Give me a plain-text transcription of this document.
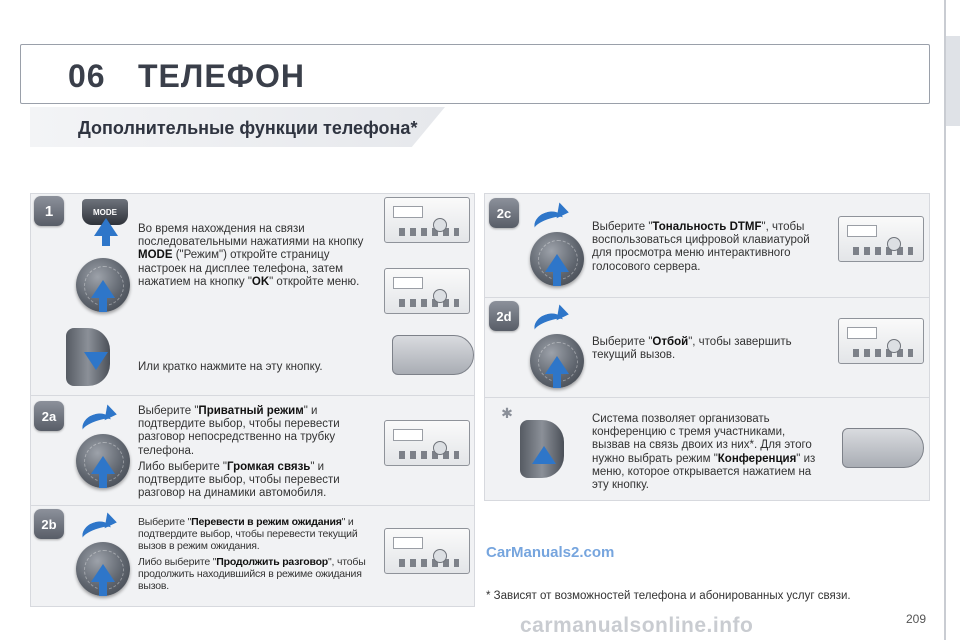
06 ТЕЛЕФОН
Дополнительные функции телефона*
1	MODE
Во время нахождения на связи последовательными нажатиями на кнопку MODE ("Режим") откройте страницу настроек на дисплее телефона, затем нажатием на кнопку "OK" откройте меню.
Или кратко нажмите на эту кнопку.
2a	Выберите "Приватный режим" и подтвердите выбор, чтобы перевести разговор непосредственно на трубку телефона.
Либо выберите "Громкая связь" и подтвердите выбор, чтобы перевести разговор на динамики автомобиля.
2b	Выберите "Перевести в режим ожидания" и подтвердите выбор, чтобы перевести текущий вызов в режим ожидания.
Либо выберите "Продолжить разговор", чтобы продолжить находившийся в режиме ожидания вызов.
2c
Выберите "Тональность DTMF", чтобы воспользоваться цифровой клавиатурой для просмотра меню интерактивного голосового сервера.
2d
Выберите "Отбой", чтобы завершить текущий вызов.
✱	Система позволяет организовать конференцию с тремя участниками, вызвав на связь двоих из них*. Для этого нужно выбрать режим "Конференция" из меню, которое открывается нажатием на эту кнопку.
CarManuals2.com
* Зависят от возможностей телефона и абонированных услуг связи.
carmanualsonline.info	209
